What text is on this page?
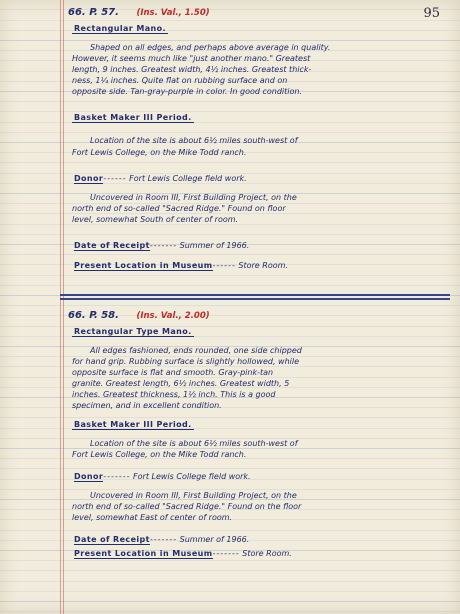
95
66. P. 57. (Ins. Val., 1.50)
Rectangular Mano.
Shaped on all edges, and perhaps above average in quality.
However, it seems much like "just another mano." Greatest
length, 9 inches. Greatest width, 4½ inches. Greatest thick-
ness, 1¼ inches. Quite flat on rubbing surface and on
opposite side. Tan-gray-purple in color. In good condition.
Basket Maker III Period.
Location of the site is about 6½ miles south-west of
Fort Lewis College, on the Mike Todd ranch.
Donor------ Fort Lewis College field work.
Uncovered in Room III, First Building Project, on the
north end of so-called "Sacred Ridge." Found on floor
level, somewhat South of center of room.
Date of Receipt------- Summer of 1966.
Present Location in Museum------ Store Room.
66. P. 58. (Ins. Val., 2.00)
Rectangular Type Mano.
All edges fashioned, ends rounded, one side chipped
for hand grip. Rubbing surface is slightly hollowed, while
opposite surface is flat and smooth. Gray-pink-tan
granite. Greatest length, 6½ inches. Greatest width, 5
inches. Greatest thickness, 1½ inch. This is a good
specimen, and in excellent condition.
Basket Maker III Period.
Location of the site is about 6½ miles south-west of
Fort Lewis College, on the Mike Todd ranch.
Donor------- Fort Lewis College field work.
Uncovered in Room III, First Building Project, on the
north end of so-called "Sacred Ridge." Found on the floor
level, somewhat East of center of room.
Date of Receipt------- Summer of 1966.
Present Location in Museum------- Store Room.
